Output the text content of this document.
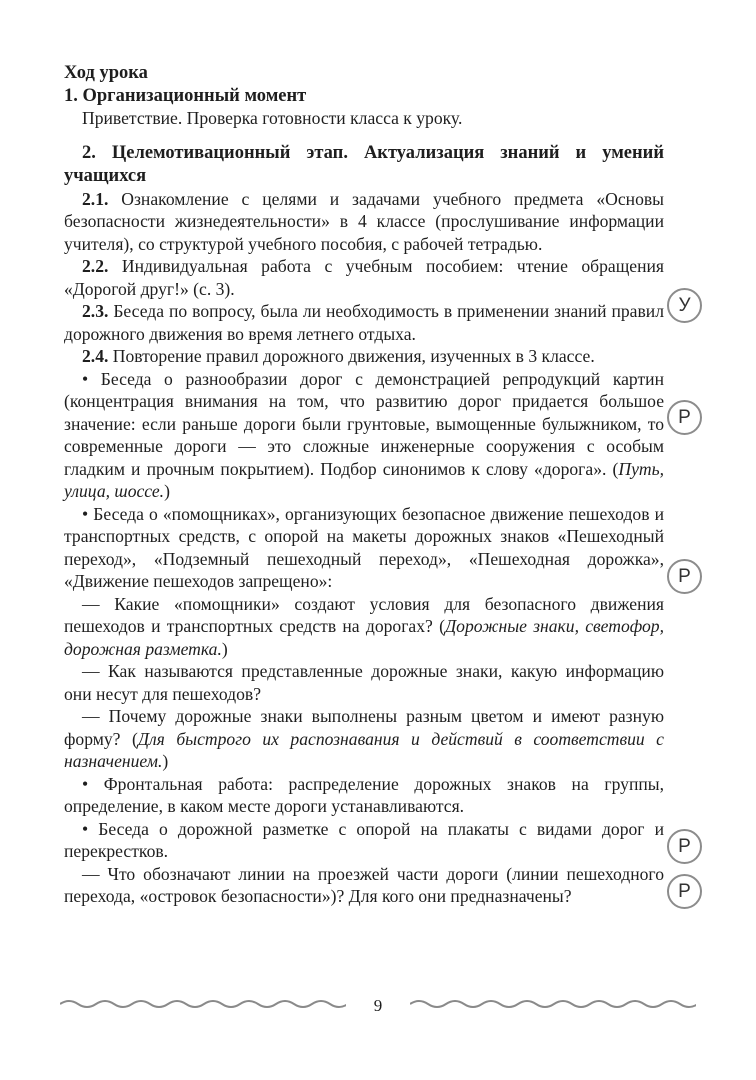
Ход урока

1. Организационный момент

Приветствие. Проверка готовности класса к уроку.

2. Целемотивационный этап. Актуализация знаний и умений учащихся

2.1. Ознакомление с целями и задачами учебного предмета «Основы безопасности жизнедеятельности» в 4 классе (прослушивание информации учителя), со структурой учебного пособия, с рабочей тетрадью.

2.2. Индивидуальная работа с учебным пособием: чтение обращения «Дорогой друг!» (с. 3).

2.3. Беседа по вопросу, была ли необходимость в применении знаний правил дорожного движения во время летнего отдыха.

2.4. Повторение правил дорожного движения, изученных в 3 классе.

• Беседа о разнообразии дорог с демонстрацией репродукций картин (концентрация внимания на том, что развитию дорог придается большое значение: если раньше дороги были грунтовые, вымощенные булыжником, то современные дороги — это сложные инженерные сооружения с особым гладким и прочным покрытием). Подбор синонимов к слову «дорога». (Путь, улица, шоссе.)

• Беседа о «помощниках», организующих безопасное движение пешеходов и транспортных средств, с опорой на макеты дорожных знаков «Пешеходный переход», «Подземный пешеходный переход», «Пешеходная дорожка», «Движение пешеходов запрещено»:

— Какие «помощники» создают условия для безопасного движения пешеходов и транспортных средств на дорогах? (Дорожные знаки, светофор, дорожная разметка.)

— Как называются представленные дорожные знаки, какую информацию они несут для пешеходов?

— Почему дорожные знаки выполнены разным цветом и имеют разную форму? (Для быстрого их распознавания и действий в соответствии с назначением.)

• Фронтальная работа: распределение дорожных знаков на группы, определение, в каком месте дороги устанавливаются.

• Беседа о дорожной разметке с опорой на плакаты с видами дорог и перекрестков.

— Что обозначают линии на проезжей части дороги (линии пешеходного перехода, «островок безопасности»)? Для кого они предназначены?

У
Р
Р
Р
Р
9
